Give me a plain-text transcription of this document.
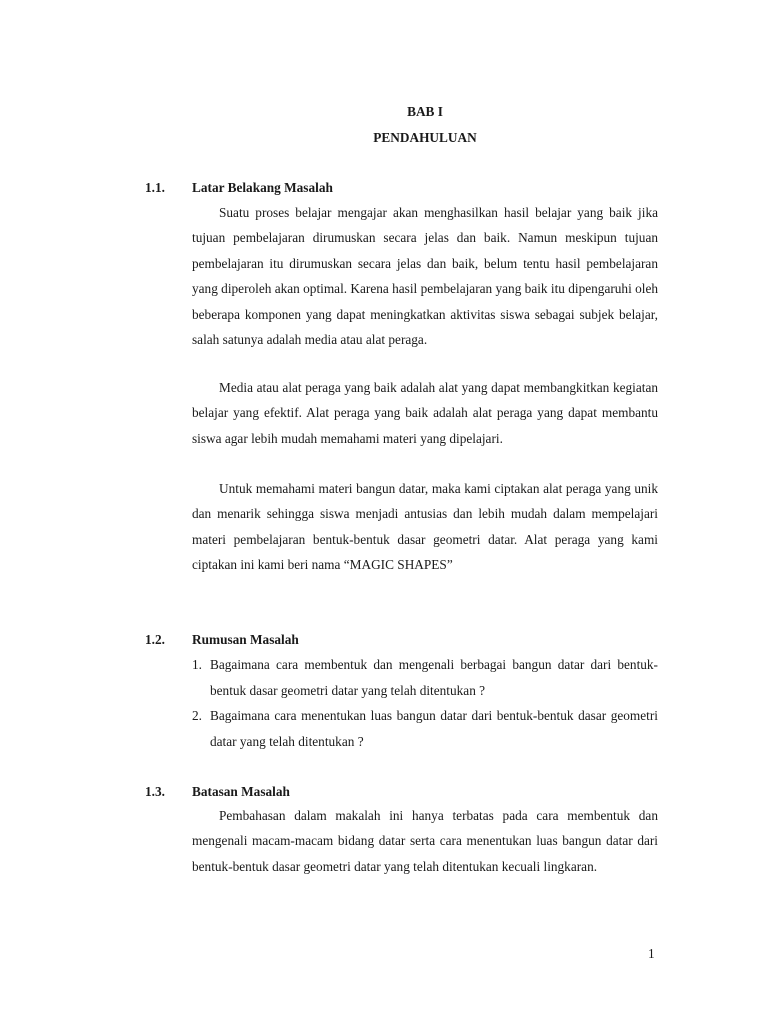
BAB I
PENDAHULUAN
1.1. Latar Belakang Masalah

Suatu proses belajar mengajar akan menghasilkan hasil belajar yang baik jika tujuan pembelajaran dirumuskan secara jelas dan baik. Namun meskipun tujuan pembelajaran itu dirumuskan secara jelas dan baik, belum tentu hasil pembelajaran yang diperoleh akan optimal. Karena hasil pembelajaran yang baik itu dipengaruhi oleh beberapa komponen yang dapat meningkatkan aktivitas siswa sebagai subjek belajar, salah satunya adalah media atau alat peraga.

Media atau alat peraga yang baik adalah alat yang dapat membangkitkan kegiatan belajar yang efektif. Alat peraga yang baik adalah alat peraga yang dapat membantu siswa agar lebih mudah memahami materi yang dipelajari.

Untuk memahami materi bangun datar, maka kami ciptakan alat peraga yang unik dan menarik sehingga siswa menjadi antusias dan lebih mudah dalam mempelajari materi pembelajaran bentuk-bentuk dasar geometri datar. Alat peraga yang kami ciptakan ini kami beri nama “MAGIC SHAPES”

1.2. Rumusan Masalah
1. Bagaimana cara membentuk dan mengenali berbagai bangun datar dari bentuk-bentuk dasar geometri datar yang telah ditentukan ?
2. Bagaimana cara menentukan luas bangun datar dari bentuk-bentuk dasar geometri datar yang telah ditentukan ?
1.3. Batasan Masalah

Pembahasan dalam makalah ini hanya terbatas pada cara membentuk dan mengenali macam-macam bidang datar serta cara menentukan luas bangun datar dari bentuk-bentuk dasar geometri datar yang telah ditentukan kecuali lingkaran.

1
